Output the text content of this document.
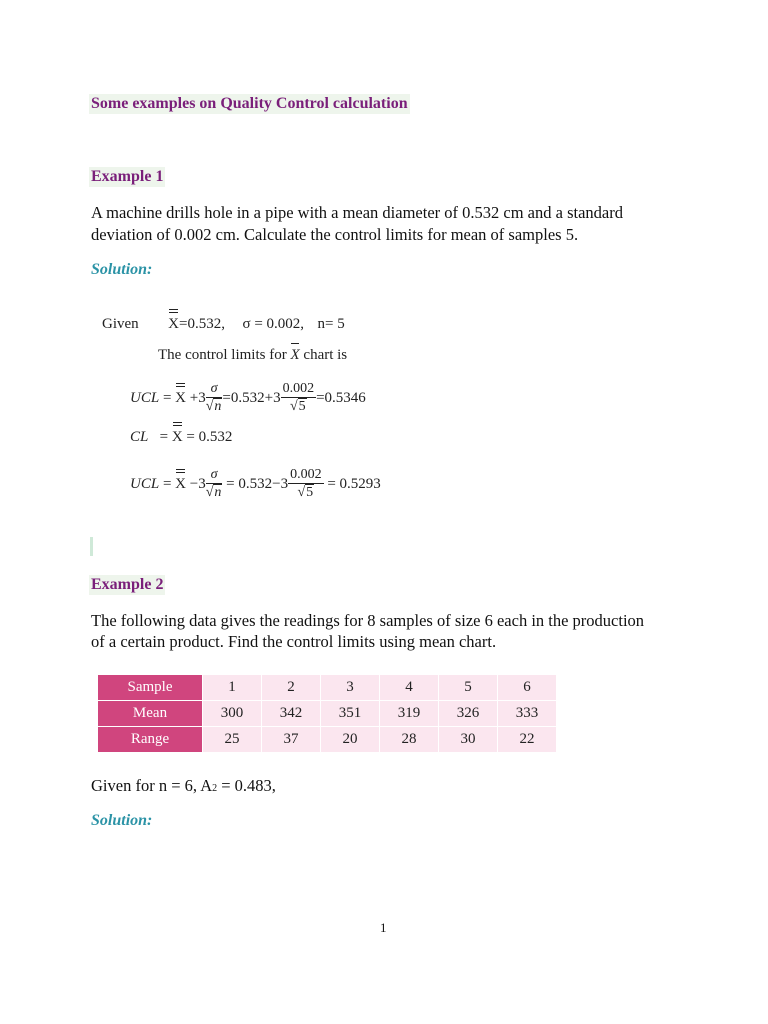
Some examples on Quality Control calculation
Example 1
A machine drills hole in a pipe with a mean diameter of 0.532 cm and a standard
deviation of 0.002 cm. Calculate the control limits for mean of samples 5.
Solution:
Given X=0.532, σ = 0.002, n= 5
The control limits for X chart is
UCL = $X +3 \frac{\sigma}{√n} =0.532+3 \frac{0.002}{√5} =0.5346$
CL   = X = 0.532
UCL = $X -3 \frac{\sigma}{√n} = 0.532-3 \frac{0.002}{√5} = 0.5293$
Example 2
The following data gives the readings for 8 samples of size 6 each in the production
of a certain product. Find the control limits using mean chart.
Sample	1	2	3	4	5	6
Mean	300	342	351	319	326	333
Range	25	37	20	28	30	22
Given for n = 6, A2 = 0.483,
Solution:
1
